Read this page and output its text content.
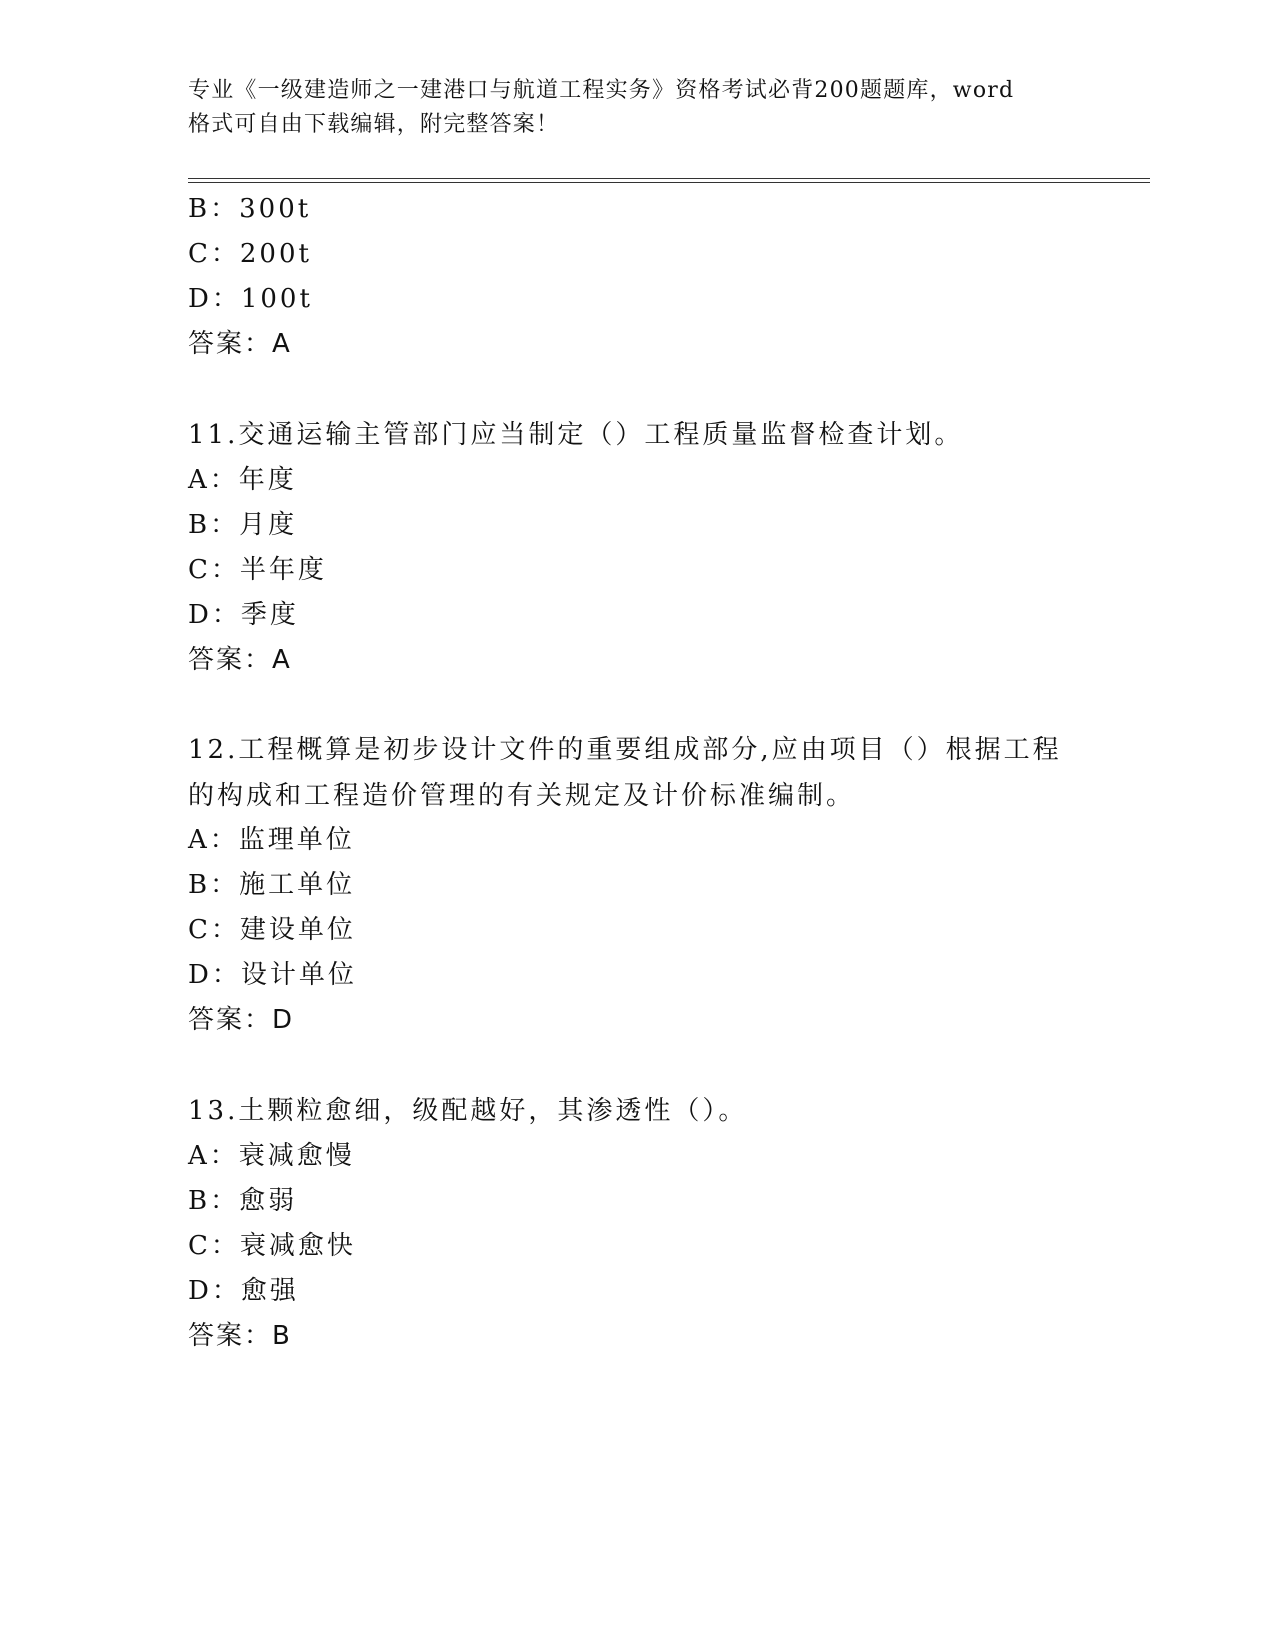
专业《一级建造师之一建港口与航道工程实务》资格考试必背200题题库，word
格式可自由下载编辑，附完整答案！
B：300t
C：200t
D：100t
答案：A
11.交通运输主管部门应当制定（）工程质量监督检查计划。
A：年度
B：月度
C：半年度
D：季度
答案：A
12.工程概算是初步设计文件的重要组成部分,应由项目（）根据工程
的构成和工程造价管理的有关规定及计价标准编制。
A：监理单位
B：施工单位
C：建设单位
D：设计单位
答案：D
13.土颗粒愈细，级配越好，其渗透性（）。
A：衰减愈慢
B：愈弱
C：衰减愈快
D：愈强
答案：B
